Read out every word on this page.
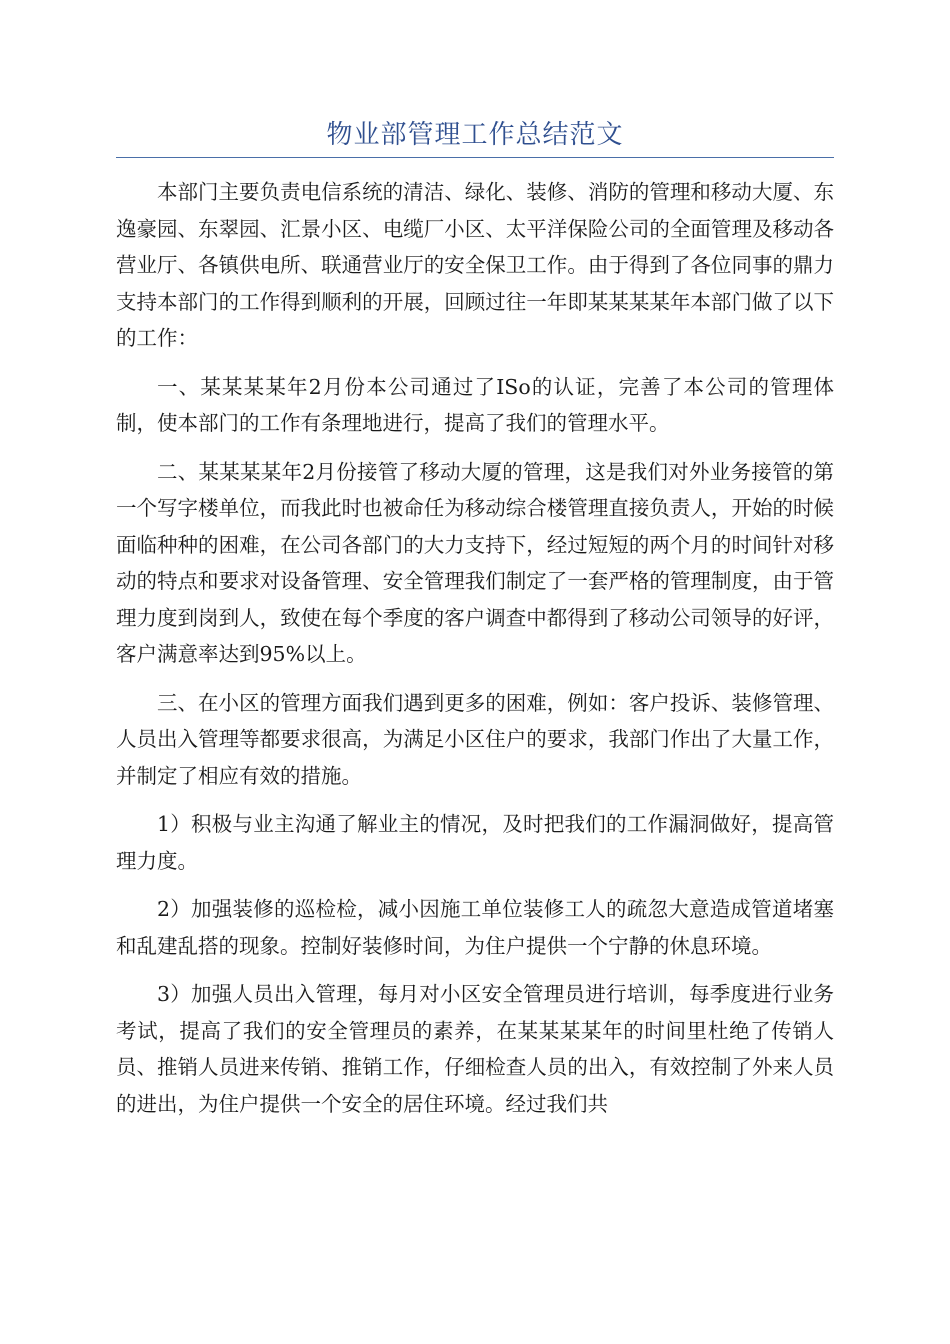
物业部管理工作总结范文

本部门主要负责电信系统的清洁、绿化、装修、消防的管理和移动大厦、东逸豪园、东翠园、汇景小区、电缆厂小区、太平洋保险公司的全面管理及移动各营业厅、各镇供电所、联通营业厅的安全保卫工作。由于得到了各位同事的鼎力支持本部门的工作得到顺利的开展，回顾过往一年即某某某某年本部门做了以下的工作：

一、某某某某年2月份本公司通过了ISo的认证，完善了本公司的管理体制，使本部门的工作有条理地进行，提高了我们的管理水平。

二、某某某某年2月份接管了移动大厦的管理，这是我们对外业务接管的第一个写字楼单位，而我此时也被命任为移动综合楼管理直接负责人，开始的时候面临种种的困难，在公司各部门的大力支持下，经过短短的两个月的时间针对移动的特点和要求对设备管理、安全管理我们制定了一套严格的管理制度，由于管理力度到岗到人，致使在每个季度的客户调查中都得到了移动公司领导的好评，客户满意率达到95%以上。

三、在小区的管理方面我们遇到更多的困难，例如：客户投诉、装修管理、人员出入管理等都要求很高，为满足小区住户的要求，我部门作出了大量工作，并制定了相应有效的措施。

1）积极与业主沟通了解业主的情况，及时把我们的工作漏洞做好，提高管理力度。

2）加强装修的巡检检，减小因施工单位装修工人的疏忽大意造成管道堵塞和乱建乱搭的现象。控制好装修时间，为住户提供一个宁静的休息环境。

3）加强人员出入管理，每月对小区安全管理员进行培训，每季度进行业务考试，提高了我们的安全管理员的素养，在某某某某年的时间里杜绝了传销人员、推销人员进来传销、推销工作，仔细检查人员的出入，有效控制了外来人员的进出，为住户提供一个安全的居住环境。经过我们共
